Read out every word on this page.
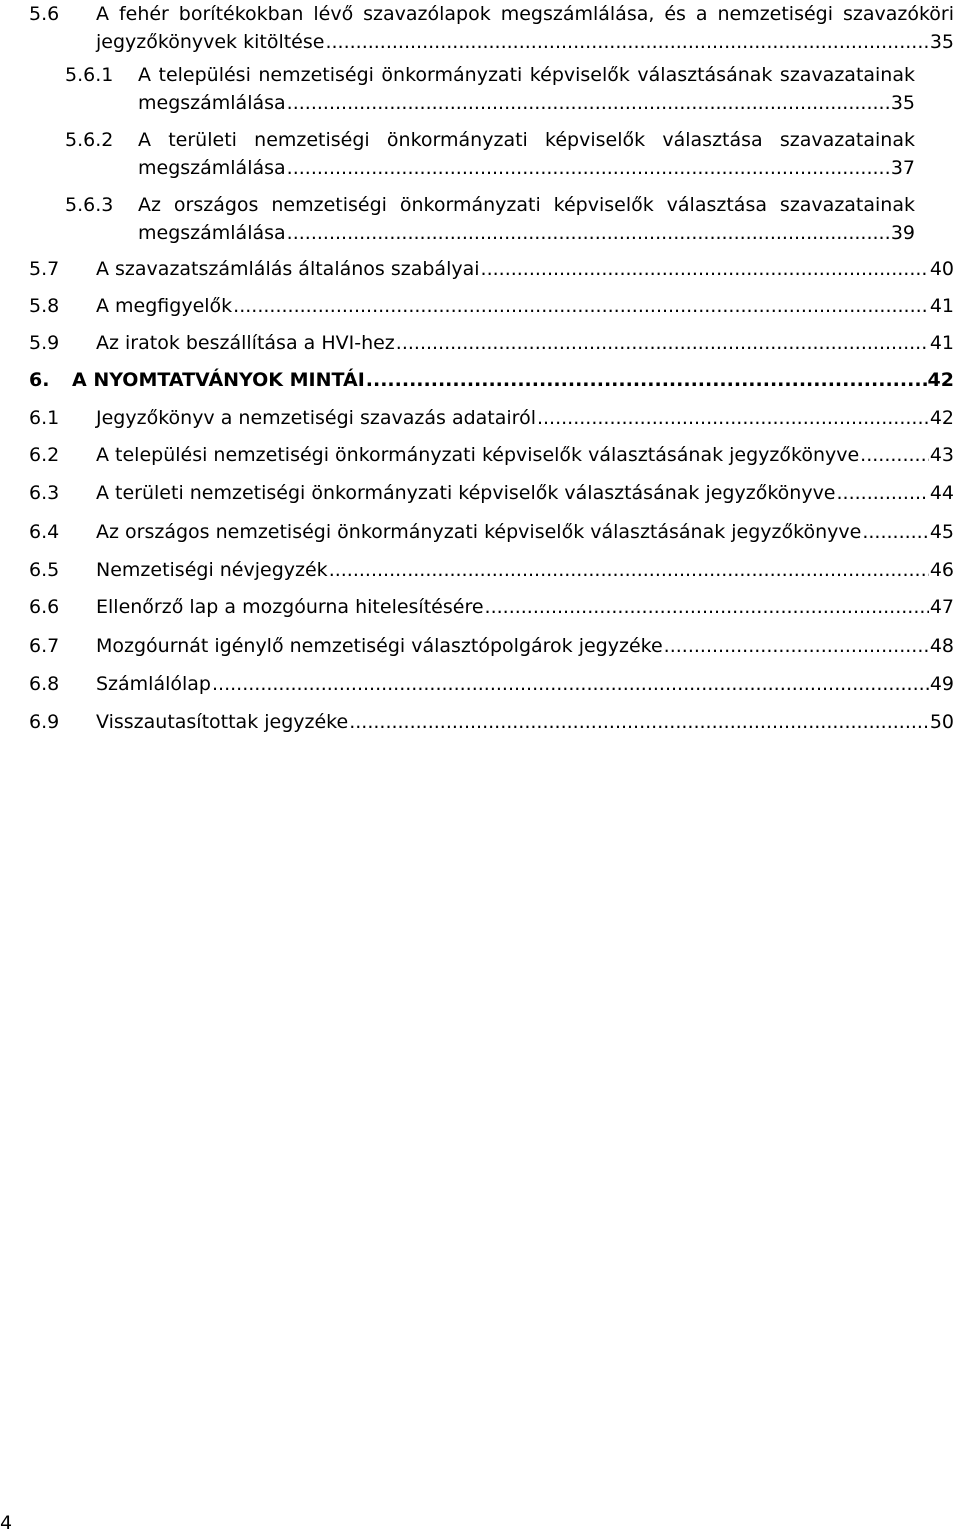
5.6 A fehér borítékokban lévő szavazólapok megszámlálása, és a nemzetiségi szavazóköri
jegyzőkönyvek kitöltése .....	35
5.6.1 A települési nemzetiségi önkormányzati képviselők választásának szavazatainak
megszámlálása .....	35
5.6.2 A területi nemzetiségi önkormányzati képviselők választása szavazatainak
megszámlálása .....	37
5.6.3 Az országos nemzetiségi önkormányzati képviselők választása szavazatainak
megszámlálása .....	39
5.7 A szavazatszámlálás általános szabályai .....	40
5.8 A megfigyelők .....	41
5.9 Az iratok beszállítása a HVI-hez .....	41
6. A NYOMTATVÁNYOK MINTÁI .....	42
6.1 Jegyzőkönyv a nemzetiségi szavazás adatairól .....	42
6.2 A települési nemzetiségi önkormányzati képviselők választásának jegyzőkönyve .....	43
6.3 A területi nemzetiségi önkormányzati képviselők választásának jegyzőkönyve .....	44
6.4 Az országos nemzetiségi önkormányzati képviselők választásának jegyzőkönyve .....	45
6.5 Nemzetiségi névjegyzék .....	46
6.6 Ellenőrző lap a mozgóurna hitelesítésére .....	47
6.7 Mozgóurnát igénylő nemzetiségi választópolgárok jegyzéke .....	48
6.8 Számlálólap .....	49
6.9 Visszautasítottak jegyzéke .....	50
4
